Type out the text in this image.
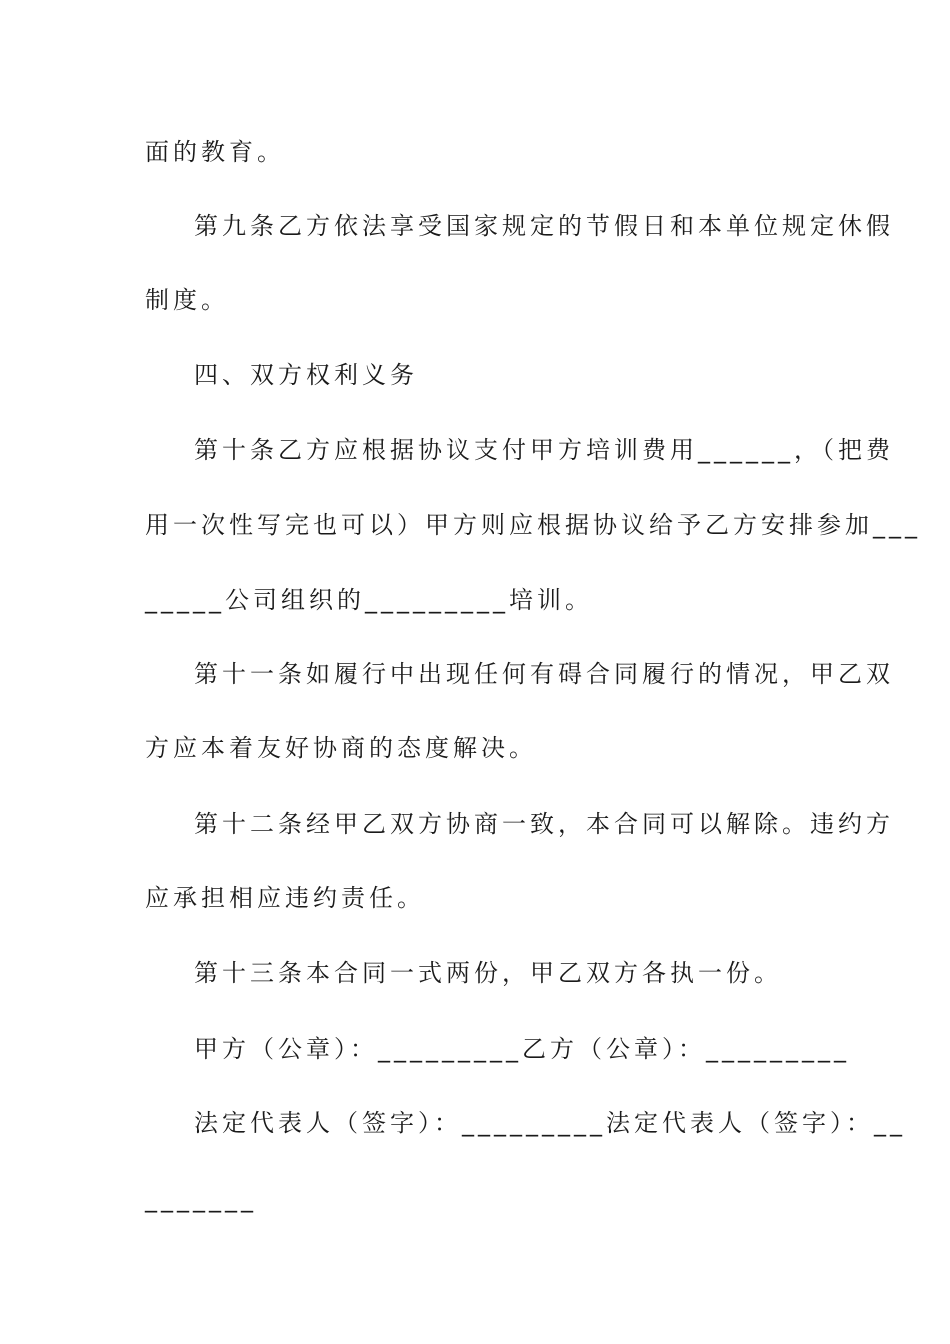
面的教育。
第九条乙方依法享受国家规定的节假日和本单位规定休假
制度。
四、双方权利义务
第十条乙方应根据协议支付甲方培训费用______，（把费
用一次性写完也可以）甲方则应根据协议给予乙方安排参加___
_____公司组织的_________培训。
第十一条如履行中出现任何有碍合同履行的情况，甲乙双
方应本着友好协商的态度解决。
第十二条经甲乙双方协商一致，本合同可以解除。违约方
应承担相应违约责任。
第十三条本合同一式两份，甲乙双方各执一份。
甲方（公章）：_________乙方（公章）：_________
法定代表人（签字）：_________法定代表人（签字）：__
_______
